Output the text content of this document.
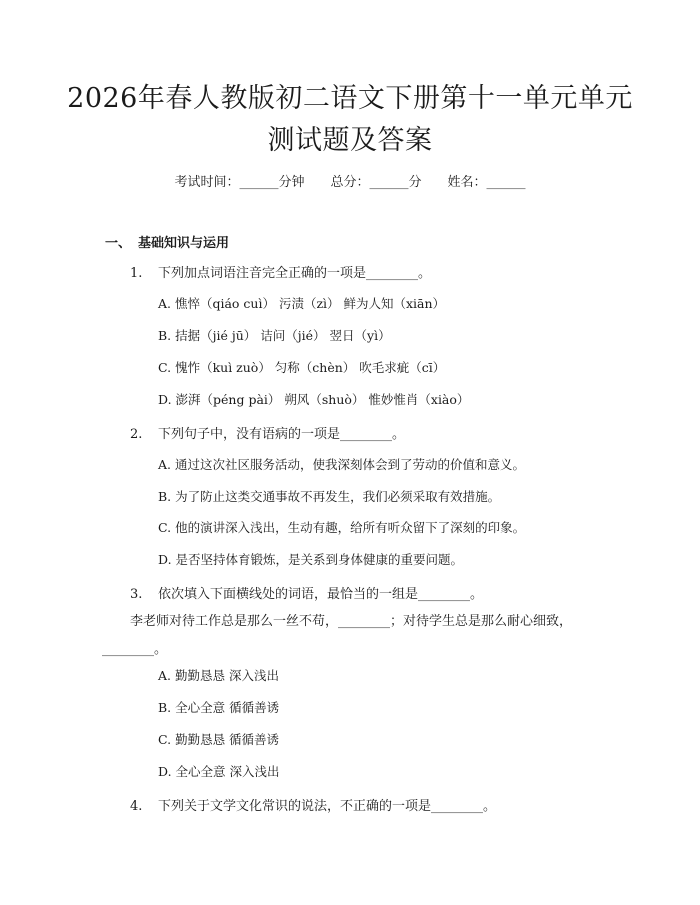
2026年春人教版初二语文下册第十一单元单元测试题及答案
考试时间：______分钟 总分：______分 姓名：______
一、 基础知识与运用
1. 下列加点词语注音完全正确的一项是________。
A. 憔悴（qiáo cuì） 污渍（zì） 鲜为人知（xiān）
B. 拮据（jié jū） 诘问（jié） 翌日（yì）
C. 愧怍（kuì zuò） 匀称（chèn） 吹毛求疵（cī）
D. 澎湃（péng pài） 朔风（shuò） 惟妙惟肖（xiào）
2. 下列句子中，没有语病的一项是________。
A. 通过这次社区服务活动，使我深刻体会到了劳动的价值和意义。
B. 为了防止这类交通事故不再发生，我们必须采取有效措施。
C. 他的演讲深入浅出，生动有趣，给所有听众留下了深刻的印象。
D. 是否坚持体育锻炼，是关系到身体健康的重要问题。
3. 依次填入下面横线处的词语，最恰当的一组是________。
李老师对待工作总是那么一丝不苟，________；对待学生总是那么耐心细致，________。
A. 勤勤恳恳 深入浅出
B. 全心全意 循循善诱
C. 勤勤恳恳 循循善诱
D. 全心全意 深入浅出
4. 下列关于文学文化常识的说法，不正确的一项是________。
